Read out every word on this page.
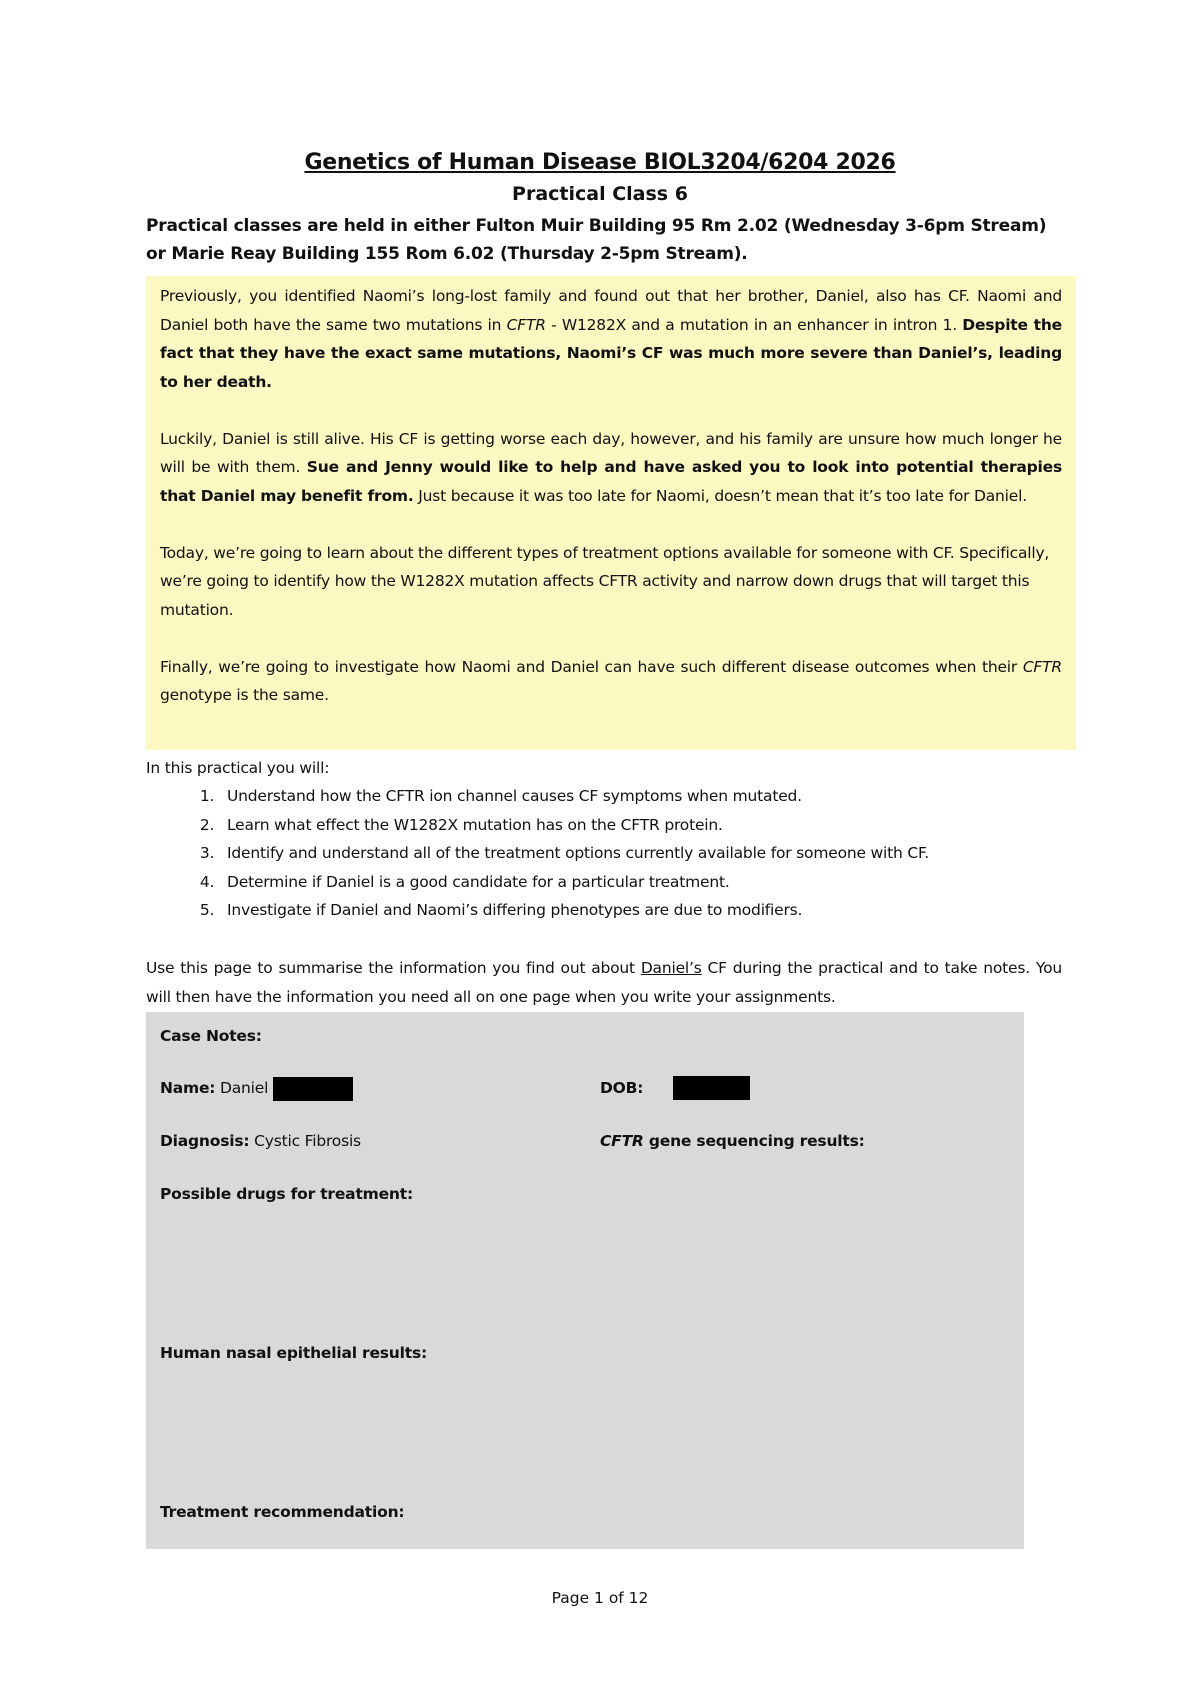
Genetics of Human Disease BIOL3204/6204 2026
Practical Class 6
Practical classes are held in either Fulton Muir Building 95 Rm 2.02 (Wednesday 3-6pm Stream) or Marie Reay Building 155 Rom 6.02 (Thursday 2-5pm Stream).

Previously, you identified Naomi’s long-lost family and found out that her brother, Daniel, also has CF. Naomi and Daniel both have the same two mutations in CFTR - W1282X and a mutation in an enhancer in intron 1. Despite the fact that they have the exact same mutations, Naomi’s CF was much more severe than Daniel’s, leading to her death.

Luckily, Daniel is still alive. His CF is getting worse each day, however, and his family are unsure how much longer he will be with them. Sue and Jenny would like to help and have asked you to look into potential therapies that Daniel may benefit from. Just because it was too late for Naomi, doesn’t mean that it’s too late for Daniel.

Today, we’re going to learn about the different types of treatment options available for someone with CF. Specifically, we’re going to identify how the W1282X mutation affects CFTR activity and narrow down drugs that will target this mutation.

Finally, we’re going to investigate how Naomi and Daniel can have such different disease outcomes when their CFTR genotype is the same.

In this practical you will:
1. Understand how the CFTR ion channel causes CF symptoms when mutated.
2. Learn what effect the W1282X mutation has on the CFTR protein.
3. Identify and understand all of the treatment options currently available for someone with CF.
4. Determine if Daniel is a good candidate for a particular treatment.
5. Investigate if Daniel and Naomi’s differing phenotypes are due to modifiers.
Use this page to summarise the information you find out about Daniel’s CF during the practical and to take notes. You will then have the information you need all on one page when you write your assignments.
Case Notes:
Name: Daniel	DOB:
Diagnosis: Cystic Fibrosis	CFTR gene sequencing results:
Possible drugs for treatment:
Human nasal epithelial results:
Treatment recommendation:
Page 1 of 12
